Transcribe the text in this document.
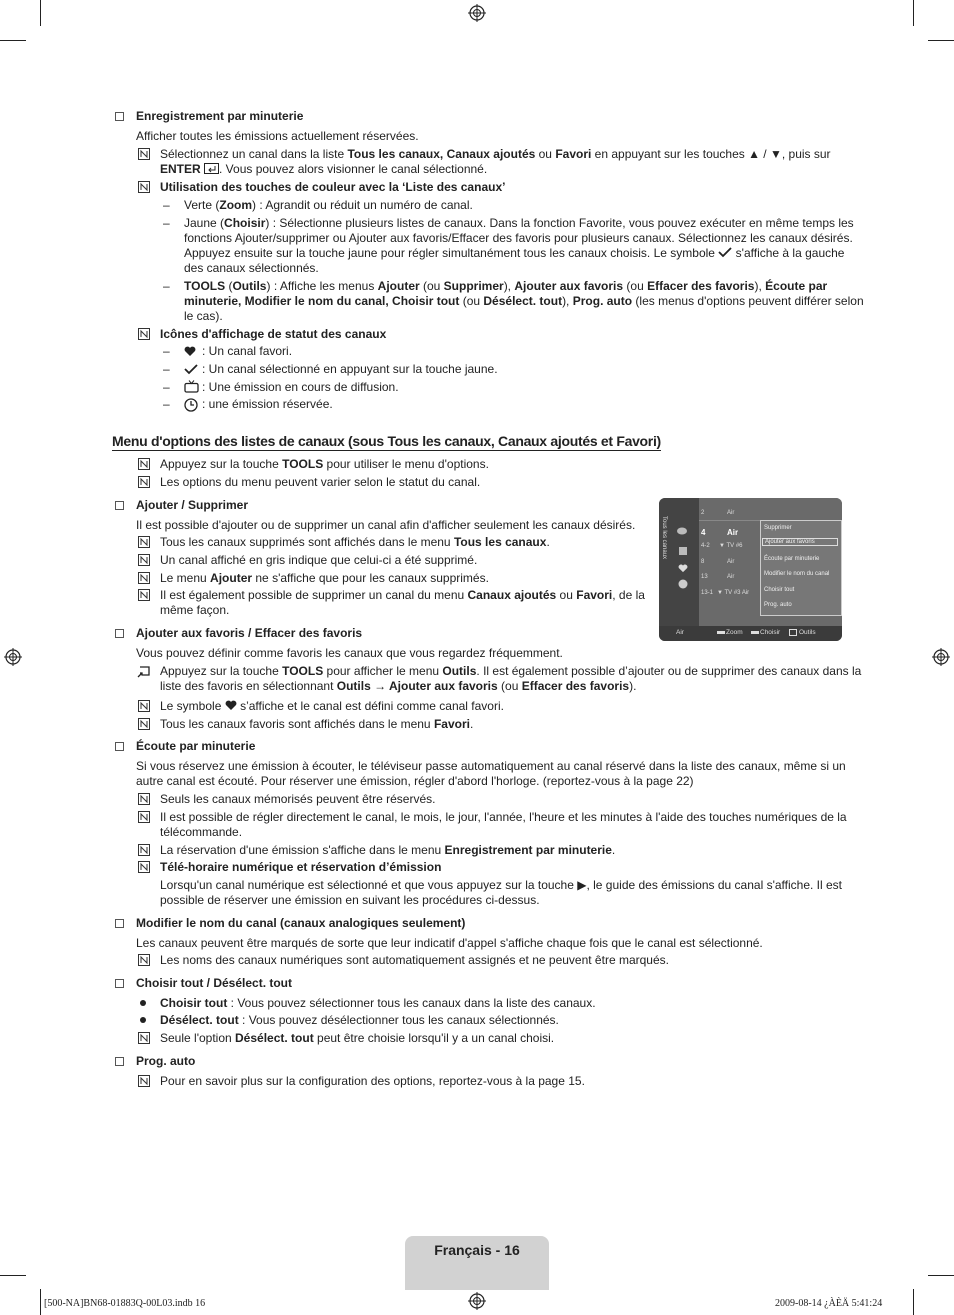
Enregistrement par minuterie
Afficher toutes les émissions actuellement réservées.
Sélectionnez un canal dans la liste Tous les canaux, Canaux ajoutés ou Favori en appuyant sur les touches ▲ / ▼, puis sur
ENTER . Vous pouvez alors visionner le canal sélectionné.
Utilisation des touches de couleur avec la ‘Liste des canaux’
– Verte (Zoom) : Agrandit ou réduit un numéro de canal.
– Jaune (Choisir) : Sélectionne plusieurs listes de canaux. Dans la fonction Favorite, vous pouvez exécuter en même temps les
fonctions Ajouter/supprimer ou Ajouter aux favoris/Effacer des favoris pour plusieurs canaux. Sélectionnez les canaux désirés.
Appuyez ensuite sur la touche jaune pour régler simultanément tous les canaux choisis. Le symbole s'affiche à la gauche
des canaux sélectionnés.
– TOOLS (Outils) : Affiche les menus Ajouter (ou Supprimer), Ajouter aux favoris (ou Effacer des favoris), Écoute par
minuterie, Modifier le nom du canal, Choisir tout (ou Désélect. tout), Prog. auto (les menus d'options peuvent différer selon
le cas).
Icônes d'affichage de statut des canaux
–	: Un canal favori.
–	: Un canal sélectionné en appuyant sur la touche jaune.
–	: Une émission en cours de diffusion.
–	: une émission réservée.
Menu d'options des listes de canaux (sous Tous les canaux, Canaux ajoutés et Favori)
Appuyez sur la touche TOOLS pour utiliser le menu d'options.
Les options du menu peuvent varier selon le statut du canal.
Ajouter / Supprimer
Il est possible d'ajouter ou de supprimer un canal afin d'afficher seulement les canaux désirés.
Tous les canaux supprimés sont affichés dans le menu Tous les canaux.
Un canal affiché en gris indique que celui-ci a été supprimé.
Le menu Ajouter ne s'affiche que pour les canaux supprimés.
Il est également possible de supprimer un canal du menu Canaux ajoutés ou Favori, de la
même façon.
Tous les canaux
2	Air
4	Air
4-2 ▼ TV #6
8	Air
13	Air
13-1 ▼ TV #3 Air
Supprimer
Ajouter aux favoris
Écoute par minuterie
Modifier le nom du canal
Choisir tout
Prog. auto
Air	Zoom	Choisir	Outils
Ajouter aux favoris / Effacer des favoris
Vous pouvez définir comme favoris les canaux que vous regardez fréquemment.
Appuyez sur la touche TOOLS pour afficher le menu Outils. Il est également possible d’ajouter ou de supprimer des canaux dans la
liste des favoris en sélectionnant Outils → Ajouter aux favoris (ou Effacer des favoris).
Le symbole s’affiche et le canal est défini comme canal favori.
Tous les canaux favoris sont affichés dans le menu Favori.
Écoute par minuterie
Si vous réservez une émission à écouter, le téléviseur passe automatiquement au canal réservé dans la liste des canaux, même si un
autre canal est écouté. Pour réserver une émission, régler d'abord l'horloge. (reportez-vous à la page 22)
Seuls les canaux mémorisés peuvent être réservés.
Il est possible de régler directement le canal, le mois, le jour, l'année, l'heure et les minutes à l'aide des touches numériques de la
télécommande.
La réservation d'une émission s'affiche dans le menu Enregistrement par minuterie.
Télé-horaire numérique et réservation d’émission
Lorsqu'un canal numérique est sélectionné et que vous appuyez sur la touche ▶, le guide des émissions du canal s'affiche. Il est
possible de réserver une émission en suivant les procédures ci-dessus.
Modifier le nom du canal (canaux analogiques seulement)
Les canaux peuvent être marqués de sorte que leur indicatif d'appel s'affiche chaque fois que le canal est sélectionné.
Les noms des canaux numériques sont automatiquement assignés et ne peuvent être marqués.
Choisir tout / Désélect. tout
Choisir tout : Vous pouvez sélectionner tous les canaux dans la liste des canaux.
Désélect. tout : Vous pouvez désélectionner tous les canaux sélectionnés.
Seule l'option Désélect. tout peut être choisie lorsqu'il y a un canal choisi.
Prog. auto
Pour en savoir plus sur la configuration des options, reportez-vous à la page 15.
Français - 16
[500-NA]BN68-01883Q-00L03.indb 16	2009-08-14 ¿ÀÈÄ 5:41:24
